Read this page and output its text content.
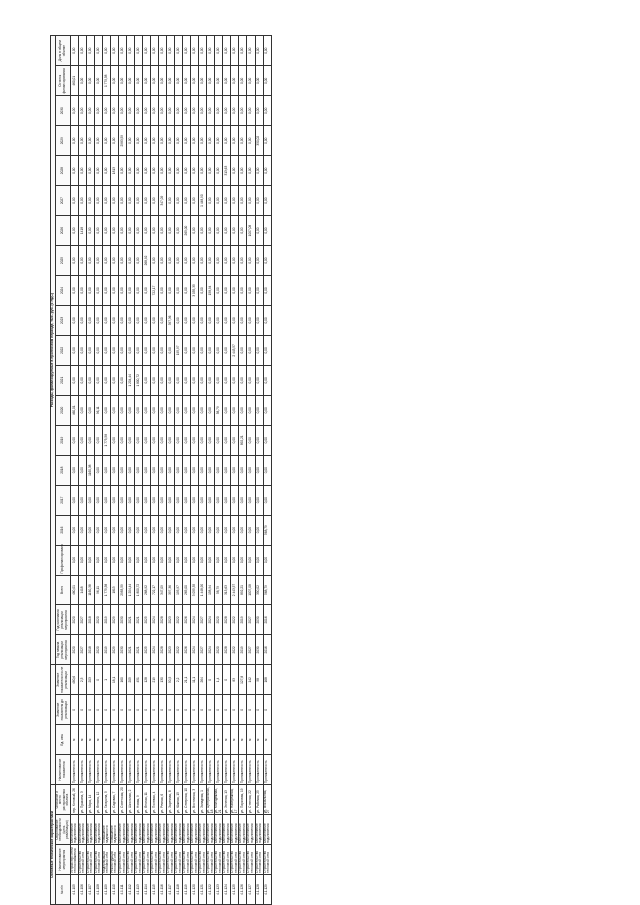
Основные технические характеристики								Расходы, финансируемые в прогнозном периоде, тыс. руб. (с НДС)																				
№ п/п	Наименование мероприятия	Обоснование необходимости (цель реализации)	Описание и место расположения объекта	Наименование показателя	Ед. изм.	Значение показателя до реализации	Значение показателя после реализации	Год начала реализации мероприятия	Год окончания реализации мероприятия	Всего	Профинансировано	2016	2017	2018	2019	2020	2021	2022	2023	2024	2025	2026	2027	2028	2029	2030	Остаток финансирования	Доля в общем объеме
4.1.105	Устройство сетей теплоснабжения	Обеспечение подключения	пер. Котовый, 26	Протяженность	м	0	480,6	2020	2020	460,01	0,00	0,00	0,00	0,00	0,00	460,01	0,00	0,00	0,00	0,00	0,00	0,00	0,00	0,00	0,00	0,00	460,01	0,00
4.1.106	Строительство тепловой сети	Обеспечение подключения	ул. Пушкина, 3	Протяженность	м	0	2,5	2027	2027	1418	0,00	0,00	0,00	0,00	0,00	0,00	0,00	0,00	0,00	0,00	0,00	1418	0,00	0,00	0,00	0,00	0,00	0,00
4.1.107	Строительство тепловой сети	Обеспечение подключения	ул. Мира, 14	Протяженность	м	0	203	2018	2018	1160,38	0,00	0,00	0,00	1160,38	0,00	0,00	0,00	0,00	0,00	0,00	0,00	0,00	0,00	0,00	0,00	0,00	0,00	0,00
4.1.108	Строительство тепловой сети	Обеспечение подключения	ул. Ленина, 12	Протяженность	м	0	0	2020	2020	96,11	0,00	0,00	0,00	0,00	0,00	96,11	0,00	0,00	0,00	0,00	0,00	0,00	0,00	0,00	0,00	0,00	0,00	0,00
4.1.109	Модернизация тепловой сети	Повышение надежности	ул. Гагарина, 5	Протяженность	м	0	1	2019	2019	1 775,58	0,00	0,00	0,00	0,00	1 775,58	0,00	0,00	0,00	0,00	0,00	0,00	0,00	0,00	0,00	0,00	0,00	1 775,58	0,00
4.1.110	Реконструкция тепловой сети	Повышение надежности	ул. Садовая, 7	Протяженность	м	0	18,1	2029	2029	1813	0,00	0,00	0,00	0,00	0,00	0,00	0,00	0,00	0,00	0,00	0,00	0,00	0,00	1813	0,00	0,00	0,00	0,00
4.1.111	Строительство тепловой сети	Обеспечение подключения	ул. Советская, 20	Протяженность	м	0	160	2030	2030	2983,59	0,00	0,00	0,00	0,00	0,00	0,00	0,00	0,00	0,00	0,00	0,00	0,00	0,00	0,00	2983,59	0,00	0,00	0,00
4.1.112	Строительство тепловой сети	Обеспечение подключения	ул. Школьная, 2	Протяженность	м	0	205	2021	2021	1 204,44	0,00	0,00	0,00	0,00	0,00	0,00	1 204,44	0,00	0,00	0,00	0,00	0,00	0,00	0,00	0,00	0,00	0,00	0,00
4.1.113	Строительство тепловой сети	Обеспечение подключения	ул. Новая, 9	Протяженность	м	0	451	2021	2021	1 800,72	0,00	0,00	0,00	0,00	0,00	0,00	1 800,72	0,00	0,00	0,00	0,00	0,00	0,00	0,00	0,00	0,00	0,00	0,00
4.1.114	Строительство тепловой сети	Обеспечение подключения	ул. Лесная, 11	Протяженность	м	0	128	2025	2025	268,92	0,00	0,00	0,00	0,00	0,00	0,00	0,00	0,00	0,00	0,00	268,92	0,00	0,00	0,00	0,00	0,00	0,00	0,00
4.1.115	Строительство тепловой сети	Обеспечение подключения	ул. Полевая, 4	Протяженность	м	0	219	2024	2024	722,17	0,00	0,00	0,00	0,00	0,00	0,00	0,00	0,00	0,00	722,17	0,00	0,00	0,00	0,00	0,00	0,00	0,00	0,00
4.1.116	Строительство тепловой сети	Обеспечение подключения	ул. Речная, 6	Протяженность	м	0	130	2028	2028	347,09	0,00	0,00	0,00	0,00	0,00	0,00	0,00	0,00	0,00	0,00	0,00	0,00	347,09	0,00	0,00	0,00	0,00	0,00
4.1.117	Строительство тепловой сети	Обеспечение подключения	ул. Заречная, 8	Протяженность	м	0	50,5	2023	2023	397,36	0,00	0,00	0,00	0,00	0,00	0,00	0,00	0,00	397,36	0,00	0,00	0,00	0,00	0,00	0,00	0,00	0,00	0,00
4.1.118	Строительство тепловой сети	Обеспечение подключения	ул. Южная, 15	Протяженность	м	0	2,2	2022	2022	195,97	0,00	0,00	0,00	0,00	0,00	0,00	0,00	195,97	0,00	0,00	0,00	0,00	0,00	0,00	0,00	0,00	0,00	0,00
4.1.119	Строительство тепловой сети	Обеспечение подключения	ул. Северная, 10	Протяженность	м	0	21,1	2026	2026	265,00	0,00	0,00	0,00	0,00	0,00	0,00	0,00	0,00	0,00	0,00	0,00	265,00	0,00	0,00	0,00	0,00	0,00	0,00
4.1.120	Строительство тепловой сети	Обеспечение подключения	ул. Восточная, 3	Протяженность	м	0	11,1	2024	2024	3 055,35	0,00	0,00	0,00	0,00	0,00	0,00	0,00	0,00	0,00	3 055,35	0,00	0,00	0,00	0,00	0,00	0,00	0,00	0,00
4.1.121	Строительство тепловой сети	Обеспечение подключения	ул. Западная, 1	Протяженность	м	0	264	2027	2027	1 448,90	0,00	0,00	0,00	0,00	0,00	0,00	0,00	0,00	0,00	0,00	0,00	0,00	1 448,90	0,00	0,00	0,00	0,00	0,00
4.1.122	Строительство тепловой сети	Обеспечение подключения	ул. Центральная, 18	Протяженность	м	0	0	2024	2024	158,94	0,00	0,00	0,00	0,00	0,00	0,00	0,00	0,00	0,00	158,94	0,00	0,00	0,00	0,00	0,00	0,00	0,00	0,00
4.1.123	Строительство тепловой сети	Обеспечение подключения	ул. Молодежная, 21	Протяженность	м	0	1,4	2020	2020	58,79	0,00	0,00	0,00	0,00	0,00	58,79	0,00	0,00	0,00	0,00	0,00	0,00	0,00	0,00	0,00	0,00	0,00	0,00
4.1.124	Строительство тепловой сети	Обеспечение подключения	ул. Зеленая, 13	Протяженность	м	0	0	2028	2028	313,63	0,00	0,00	0,00	0,00	0,00	0,00	0,00	0,00	0,00	0,00	0,00	0,00	0,00	313,63	0,00	0,00	0,00	0,00
4.1.125	Строительство тепловой сети	Обеспечение подключения	ул. Набережная, 17	Протяженность	м	0	83	2022	2022	2 443,57	0,00	0,00	0,00	0,00	0,00	0,00	0,00	2 443,57	0,00	0,00	0,00	0,00	0,00	0,00	0,00	0,00	0,00	0,00
4.1.126	Строительство тепловой сети	Обеспечение подключения	ул. Парковая, 19	Протяженность	м	0	127,8	2019	2019	892,21	0,00	0,00	0,00	0,00	892,21	0,00	0,00	0,00	0,00	0,00	0,00	0,00	0,00	0,00	0,00	0,00	0,00	0,00
4.1.127	Строительство тепловой сети	Обеспечение подключения	ул. Степная, 22	Протяженность	м	0	142	2027	2027	1007,08	0,00	0,00	0,00	0,00	0,00	0,00	0,00	0,00	0,00	0,00	0,00	1007,08	0,00	0,00	0,00	0,00	0,00	0,00
4.1.128	Строительство тепловой сети	Обеспечение подключения	ул. Рабочая, 25	Протяженность	м	0	98	2030	2030	350,02	0,00	0,00	0,00	0,00	0,00	0,00	0,00	0,00	0,00	0,00	0,00	0,00	0,00	0,00	350,02	0,00	0,00	0,00
4.1.129	Строительство тепловой сети	Обеспечение подключения	ул. Вокзальная, 27	Протяженность	м	0	168	2016	2016	568,79	0,00	568,79	0,00	0,00	0,00	0,00	0,00	0,00	0,00	0,00	0,00	0,00	0,00	0,00	0,00	0,00	0,00	0,00
